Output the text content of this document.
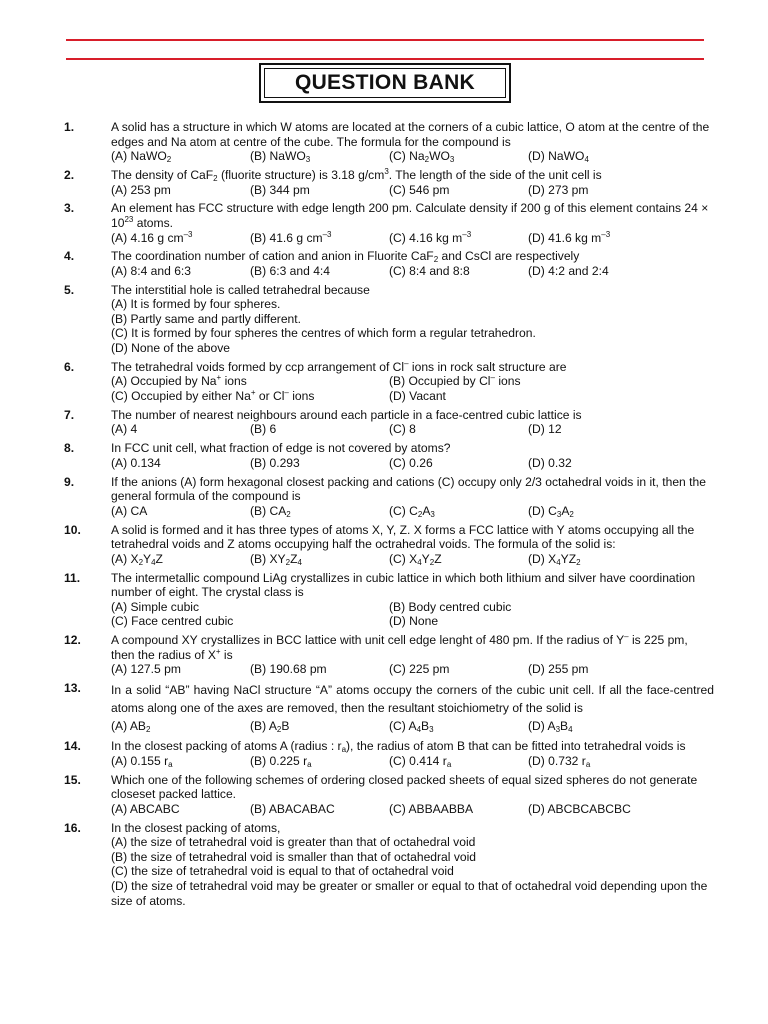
QUESTION BANK
1.	A solid has a structure in which W atoms are located at the corners of a cubic lattice, O atom at the centre of the edges and Na atom at centre of the cube. The formula for the compound is
(A) NaWO$_2$	(B) NaWO$_3$	(C) $Na_2WO_3$	(D) NaWO$_4$
2.	The density of CaF$_2$ (fluorite structure) is 3.18 $g/cm^3$. The length of the side of the unit cell is
(A) 253 pm	(B) 344 pm	(C) 546 pm	(D) 273 pm
3.	An element has FCC structure with edge length 200 pm. Calculate density if 200 g of this element contains $24 \times 10^{23}$ atoms.
(A) 4.16 g $cm^{-3}$	(B) 41.6 g $cm^{-3}$	(C) 4.16 kg $m^{-3}$	(D) 41.6 kg $m^{-3}$
4.	The coordination number of cation and anion in Fluorite CaF$_2$ and CsCl are respectively
(A) 8:4 and 6:3	(B) 6:3 and 4:4	(C) 8:4 and 8:8	(D) 4:2 and 2:4
5.	The interstitial hole is called tetrahedral because
(A) It is formed by four spheres.
(B) Partly same and partly different.
(C) It is formed by four spheres the centres of which form a regular tetrahedron.
(D) None of the above
6.	The tetrahedral voids formed by ccp arrangement of Cl– ions in rock salt structure are
(A) Occupied by Na+ ions	(B) Occupied by Cl– ions
(C) Occupied by either Na+ or Cl– ions	(D) Vacant
7.	The number of nearest neighbours around each particle in a face-centred cubic lattice is
(A) 4	(B) 6	(C) 8	(D) 12
8.	In FCC unit cell, what fraction of edge is not covered by atoms?
(A) 0.134	(B) 0.293	(C) 0.26	(D) 0.32
9.	If the anions (A) form hexagonal closest packing and cations (C) occupy only 2/3 octahedral voids in it, then the general formula of the compound is
(A) CA	(B) $CA_2$	(C) $C_2A_3$	(D) $C_3A_2$
10.	A solid is formed and it has three types of atoms X, Y, Z. X forms a FCC lattice with Y atoms occupying all the tetrahedral voids and Z atoms occupying half the octrahedral voids. The formula of the solid is:
(A) $X_2Y_4Z$	(B) $XY_2Z_4$	(C) $X_4Y_2Z$	(D) $X_4YZ_2$
11.	The intermetallic compound LiAg crystallizes in cubic lattice in which both lithium and silver have coordination number of eight. The crystal class is
(A) Simple cubic	(B) Body centred cubic
(C) Face centred cubic	(D) None
12.	A compound XY crystallizes in BCC lattice with unit cell edge lenght of 480 pm. If the radius of Y– is 225 pm, then the radius of X+ is
(A) 127.5 pm	(B) 190.68 pm	(C) 225 pm	(D) 255 pm
13.	In a solid “AB” having NaCl structure “A” atoms occupy the corners of the cubic unit cell. If all the face-centred atoms along one of the axes are removed, then the resultant stoichiometry of the solid is
(A) $AB_2$	(B) $A_2B$	(C) $A_4B_3$	(D) $A_3B_4$
14.	In the closest packing of atoms A (radius : $r_a$), the radius of atom B that can be fitted into tetrahedral voids is
(A) 0.155 $r_a$	(B) 0.225 $r_a$	(C) 0.414 $r_a$	(D) 0.732 $r_a$
15.	Which one of the following schemes of ordering closed packed sheets of equal sized spheres do not generate closeset packed lattice.
(A) ABCABC	(B) ABACABAC	(C) ABBAABBA	(D) ABCBCABCBC
16.	In the closest packing of atoms,
(A) the size of tetrahedral void is greater than that of octahedral void
(B) the size of tetrahedral void is smaller than that of octahedral void
(C) the size of tetrahedral void is equal to that of octahedral void
(D) the size of tetrahedral void may be greater or smaller or equal to that of octahedral void depending upon the size of atoms.
